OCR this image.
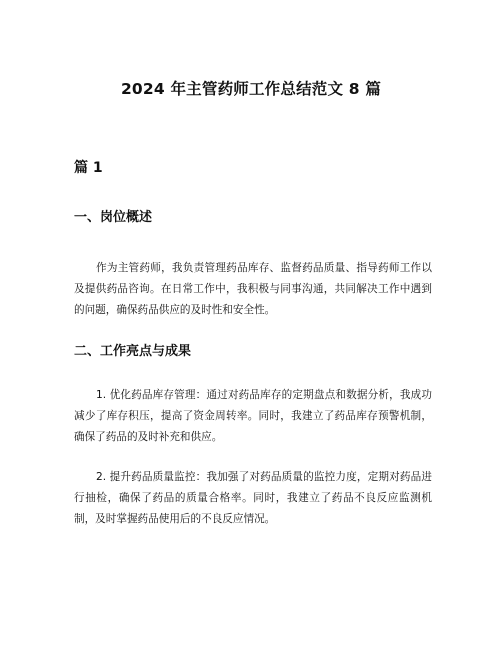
2024 年主管药师工作总结范文 8 篇
篇 1
一、岗位概述

作为主管药师，我负责管理药品库存、监督药品质量、指导药师工作以及提供药品咨询。在日常工作中，我积极与同事沟通，共同解决工作中遇到的问题，确保药品供应的及时性和安全性。

二、工作亮点与成果

1. 优化药品库存管理：通过对药品库存的定期盘点和数据分析，我成功减少了库存积压，提高了资金周转率。同时，我建立了药品库存预警机制，确保了药品的及时补充和供应。

2. 提升药品质量监控：我加强了对药品质量的监控力度，定期对药品进行抽检，确保了药品的质量合格率。同时，我建立了药品不良反应监测机制，及时掌握药品使用后的不良反应情况。
